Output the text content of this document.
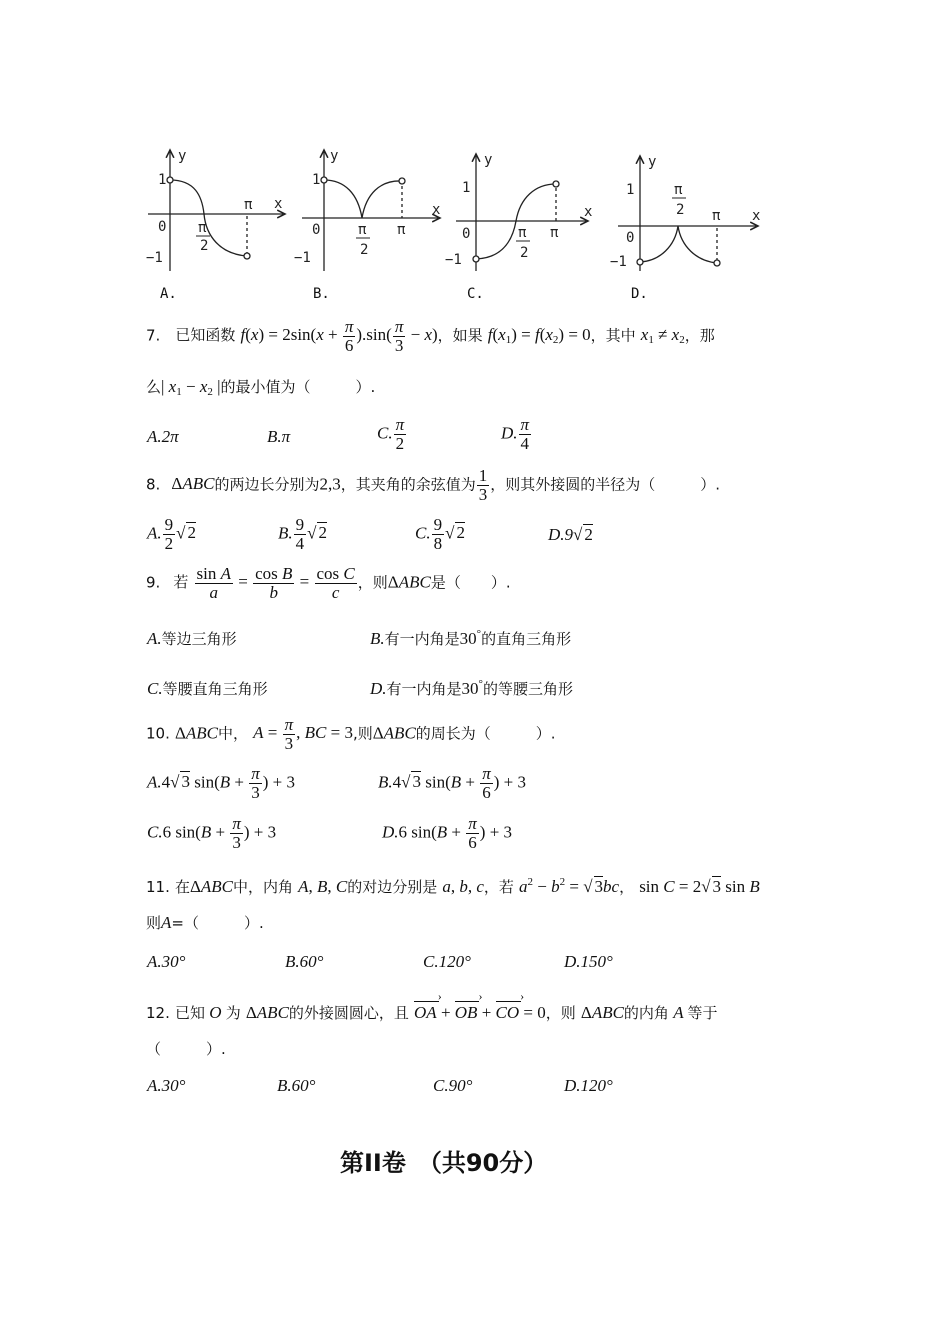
y
1
0
−1
π
2
π x
y
1
0
−1
π
2
π
x
y
1
0
−1
π
2
π
x
y
1
0
−1
π
2 π x
A.	B.	C.	D.
7. 已知函数 $f(x) = 2\sin(x + \frac{\pi}{6} ).\sin( \frac{\pi}{3} - x)$，如果 $f(x_1) = f(x_2) = 0$，其中 $x_1 \ne x_2$，那
么| $x_1 - x_2$ |的最小值为（　　　）.
A.2π	B.π	C. $\frac{\pi}{2}$	D. $\frac{\pi}{4}$
8. ΔABC的两边长分别为2,3，其夹角的余弦值为 $\frac{1}{3}$ ，则其外接圆的半径为（　　　）.
A. $\frac{9}{2}$ √ 2	B. $\frac{9}{4}$ √ 2	C. $\frac{9}{8}$ √ 2	D.9√ 2
9. 若 $\frac{\text{sin A}}{a} = \frac{\text{cos B}}{b} = \frac{\text{cos C}}{c}$ ，则ΔABC是（　　）.
A.等边三角形	B.有一内角是30°的直角三角形
C.等腰直角三角形	D.有一内角是30°的等腰三角形
10. ΔABC中， $A = \frac{\pi}{3}$ , BC = 3,则ΔABC的周长为（　　　）.
A.4√ 3 $\sin(B + \frac{\pi}{3}$ ) + 3	B.4√ 3 $\sin(B + \frac{\pi}{6}$ ) + 3
C.6 $\sin(B + \frac{\pi}{3}$ ) + 3	D.6 $\sin(B + \frac{\pi}{6}$ ) + 3
11. 在ΔABC中，内角 A, B, C的对边分别是 a, b, c，若 $a^2 - b^2$ = √ 3bc， sin C = 2√ 3 sin B
则A=（　　　）.
A.30°	B.60°	C.120°	D.150°
12. 已知 O 为 ΔABC的外接圆圆心，且 › OA + › OB + › CO = 0，则 ΔABC的内角 A 等于
（　　　）.
A.30°	B.60°	C.90°	D.120°
第II卷　（共90分）
